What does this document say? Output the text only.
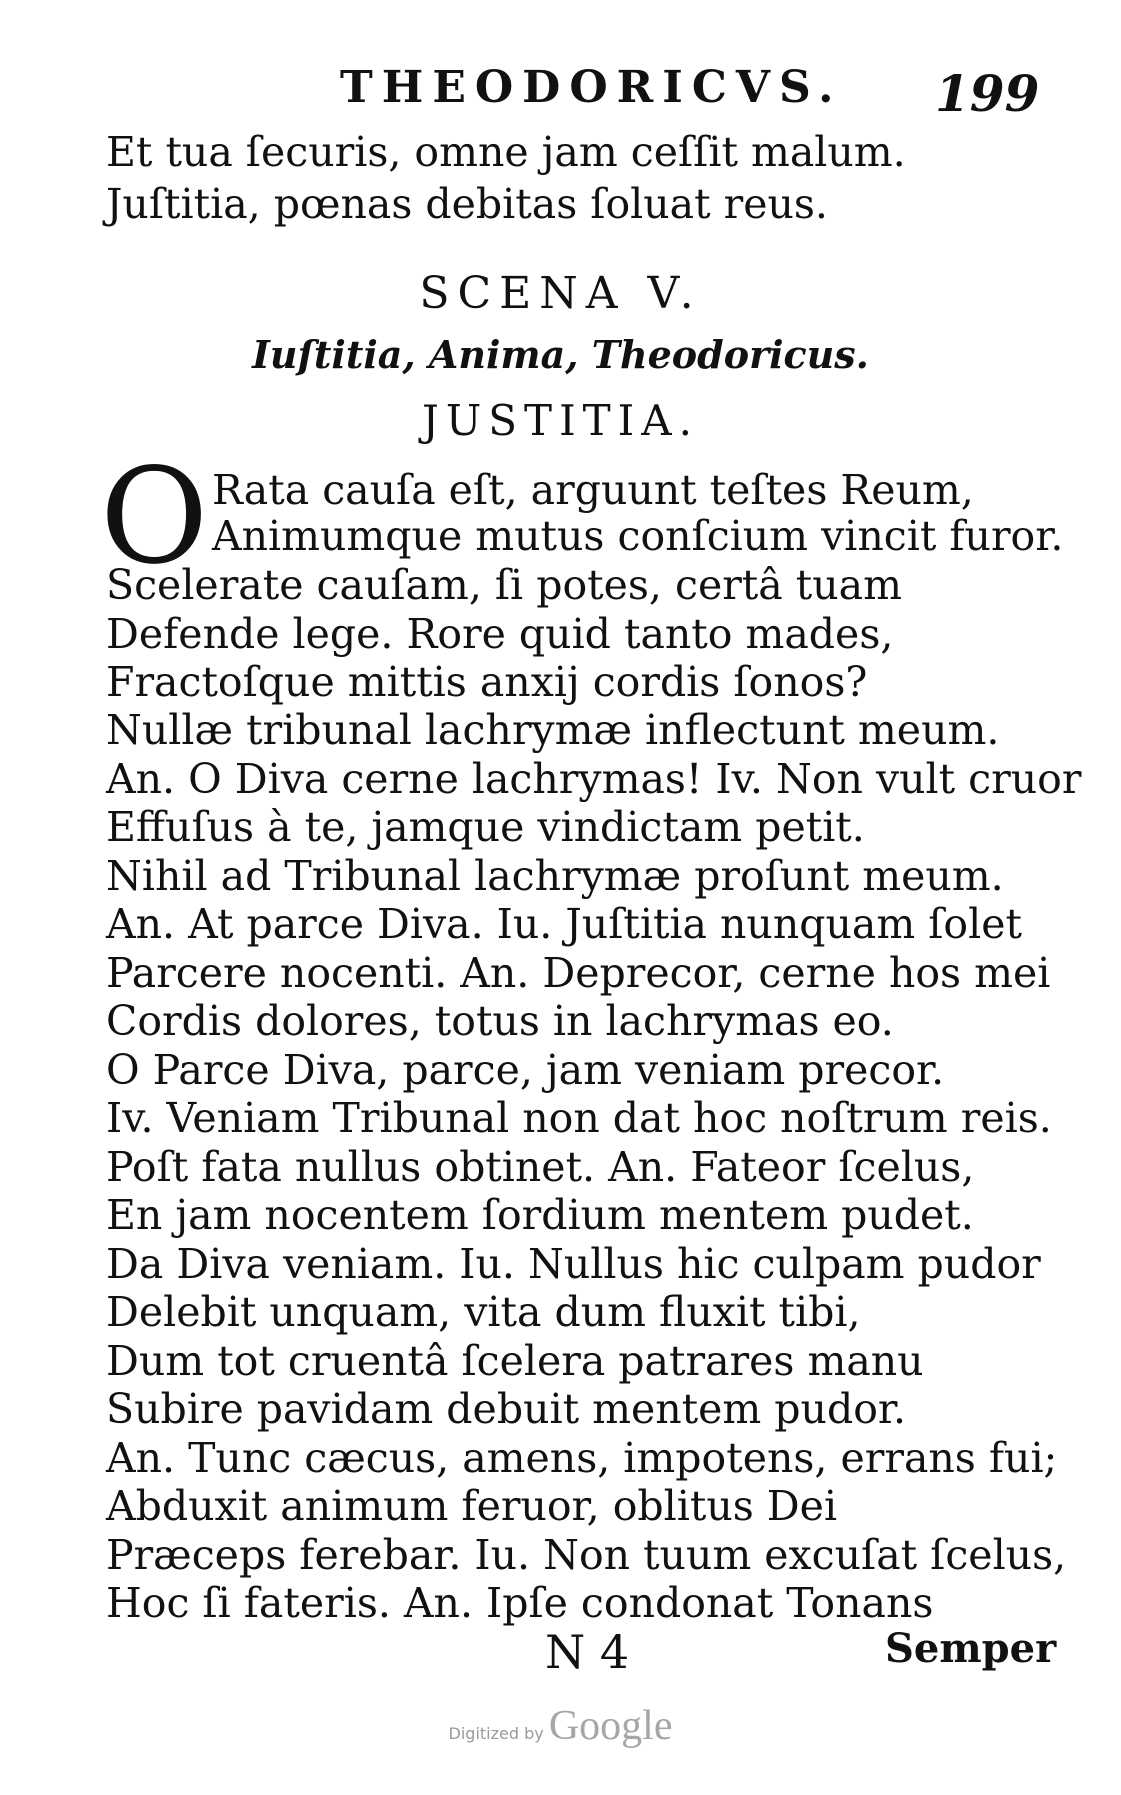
THEODORICVS. 199
Et tua ſecuris, omne jam ceſſit malum.
Juſtitia, pœnas debitas ſoluat reus.
SCENA V.
Iuſtitia, Anima, Theodoricus.
JUSTITIA.
O Rata cauſa eſt, arguunt teſtes Reum,
Animumque mutus conſcium vincit furor.
Scelerate cauſam, ſi potes, certâ tuam
Defende lege. Rore quid tanto mades,
Fractoſque mittis anxij cordis ſonos?
Nullæ tribunal lachrymæ inflectunt meum.
An. O Diva cerne lachrymas! Iv. Non vult cruor
Effuſus à te, jamque vindictam petit.
Nihil ad Tribunal lachrymæ proſunt meum.
An. At parce Diva. Iu. Juſtitia nunquam ſolet
Parcere nocenti. An. Deprecor, cerne hos mei
Cordis dolores, totus in lachrymas eo.
O Parce Diva, parce, jam veniam precor.
Iv. Veniam Tribunal non dat hoc noſtrum reis.
Poſt fata nullus obtinet. An. Fateor ſcelus,
En jam nocentem ſordium mentem pudet.
Da Diva veniam. Iu. Nullus hic culpam pudor
Delebit unquam, vita dum fluxit tibi,
Dum tot cruentâ ſcelera patrares manu
Subire pavidam debuit mentem pudor.
An. Tunc cæcus, amens, impotens, errans fui;
Abduxit animum feruor, oblitus Dei
Præceps ferebar. Iu. Non tuum excuſat ſcelus,
Hoc ſi fateris. An. Ipſe condonat Tonans
N 4	Semper
Digitized by Google
